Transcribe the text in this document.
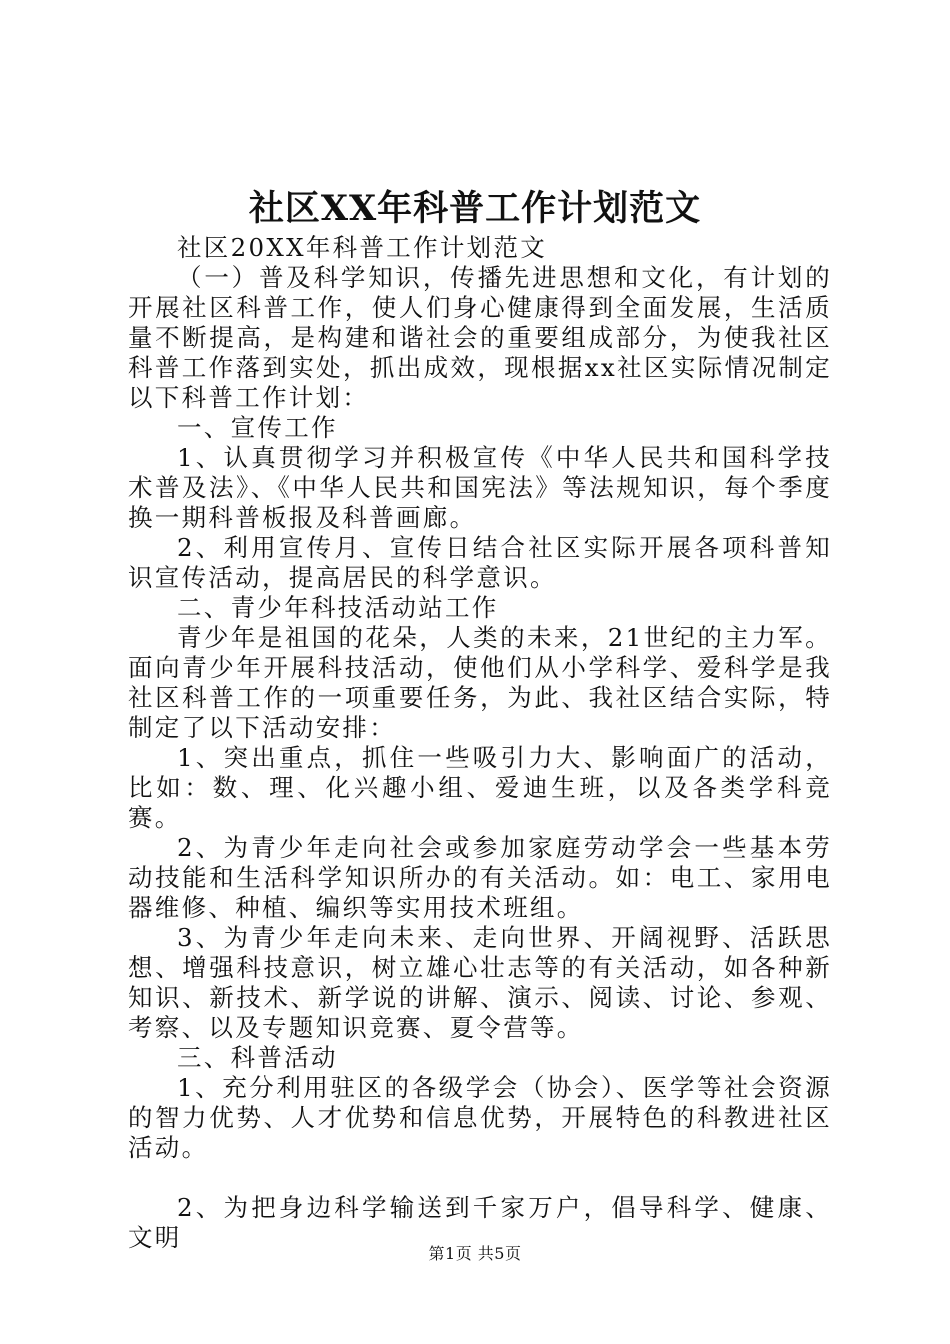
社区XX年科普工作计划范文

社区20XX年科普工作计划范文

（一）普及科学知识，传播先进思想和文化，有计划的开展社区科普工作，使人们身心健康得到全面发展，生活质量不断提高，是构建和谐社会的重要组成部分，为使我社区科普工作落到实处，抓出成效，现根据xx社区实际情况制定以下科普工作计划：

一、宣传工作

1、认真贯彻学习并积极宣传《中华人民共和国科学技术普及法》、《中华人民共和国宪法》等法规知识，每个季度换一期科普板报及科普画廊。

2、利用宣传月、宣传日结合社区实际开展各项科普知识宣传活动，提高居民的科学意识。

二、青少年科技活动站工作

青少年是祖国的花朵，人类的未来，21世纪的主力军。面向青少年开展科技活动，使他们从小学科学、爱科学是我社区科普工作的一项重要任务，为此、我社区结合实际，特制定了以下活动安排：

1、突出重点，抓住一些吸引力大、影响面广的活动，比如：数、理、化兴趣小组、爱迪生班，以及各类学科竞赛。

2、为青少年走向社会或参加家庭劳动学会一些基本劳动技能和生活科学知识所办的有关活动。如：电工、家用电器维修、种植、编织等实用技术班组。

3、为青少年走向未来、走向世界、开阔视野、活跃思想、增强科技意识，树立雄心壮志等的有关活动，如各种新知识、新技术、新学说的讲解、演示、阅读、讨论、参观、考察、以及专题知识竞赛、夏令营等。

三、科普活动

1、充分利用驻区的各级学会（协会）、医学等社会资源的智力优势、人才优势和信息优势，开展特色的科教进社区活动。

2、为把身边科学输送到千家万户，倡导科学、健康、文明

第1页 共5页
